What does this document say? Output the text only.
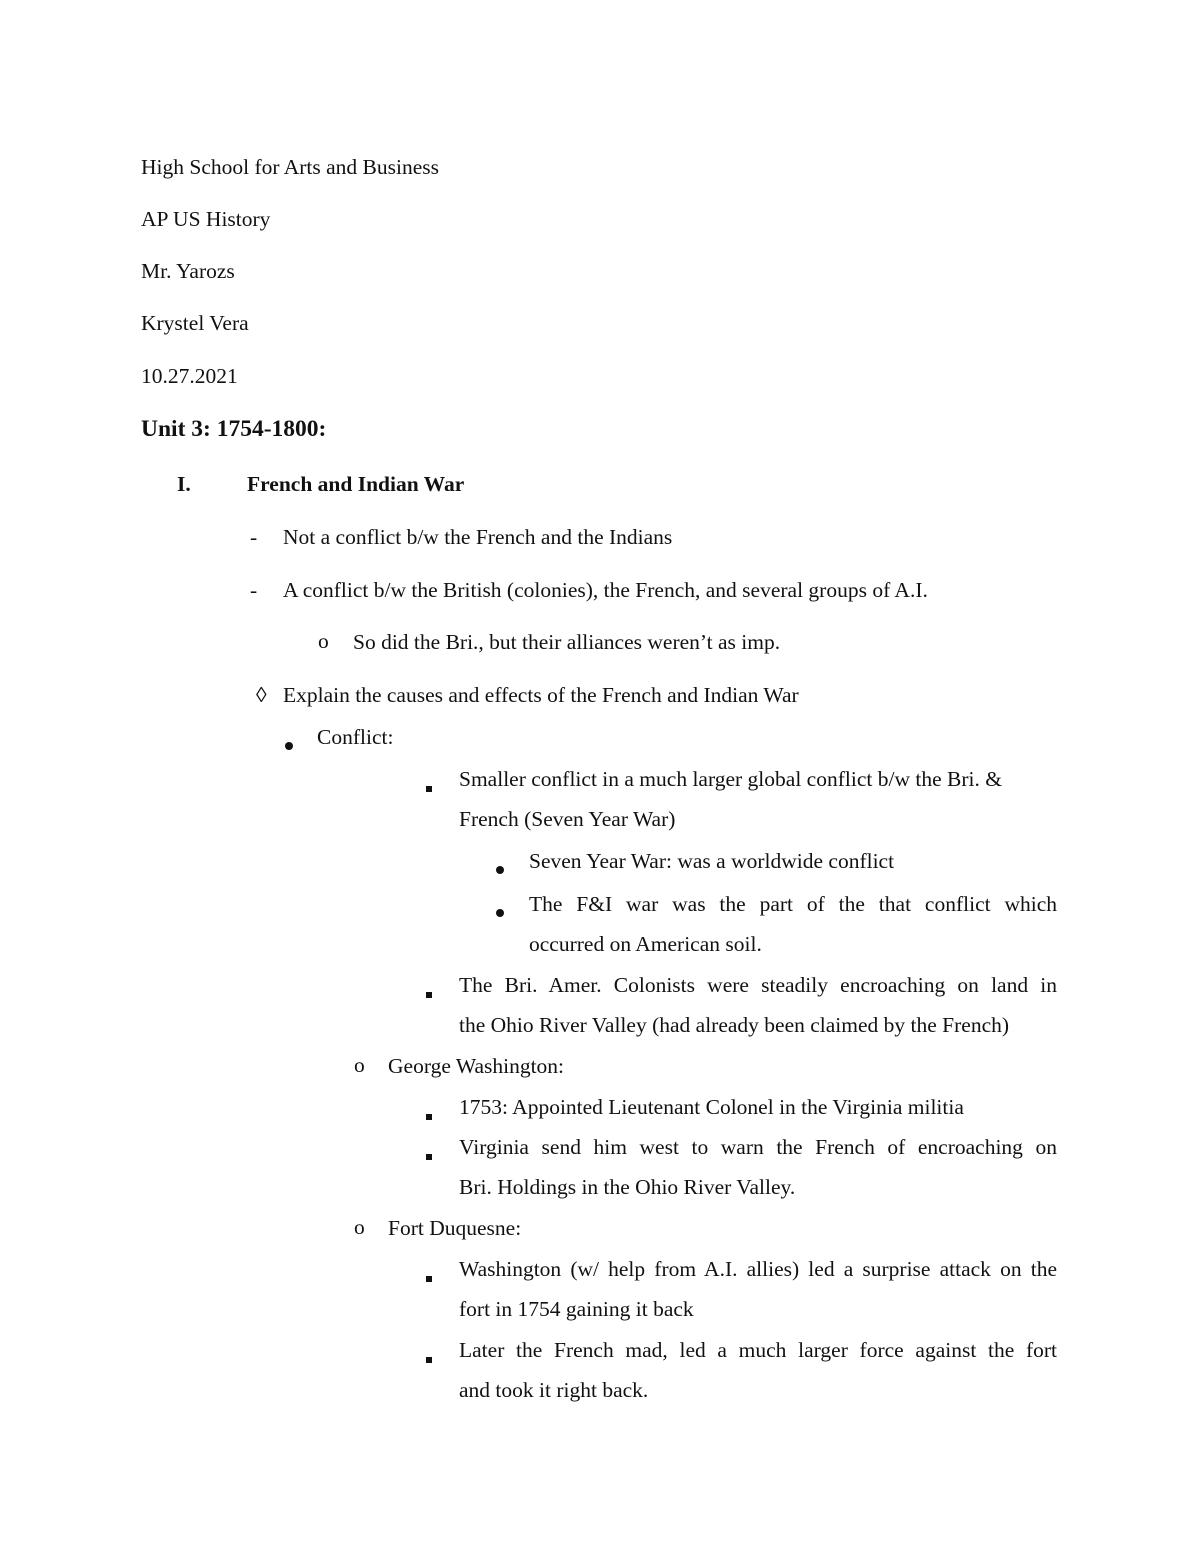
High School for Arts and Business
AP US History
Mr. Yarozs
Krystel Vera
10.27.2021
Unit 3: 1754-1800:
I.	French and Indian War
- Not a conflict b/w the French and the Indians
- A conflict b/w the British (colonies), the French, and several groups of A.I.
o So did the Bri., but their alliances weren’t as imp.
◊ Explain the causes and effects of the French and Indian War
Conflict:
Smaller conflict in a much larger global conflict b/w the Bri. &
French (Seven Year War)
Seven Year War: was a worldwide conflict
The F&I war was the part of the that conflict which
occurred on American soil.
The Bri. Amer. Colonists were steadily encroaching on land in
the Ohio River Valley (had already been claimed by the French)
o George Washington:
1753: Appointed Lieutenant Colonel in the Virginia militia
Virginia send him west to warn the French of encroaching on
Bri. Holdings in the Ohio River Valley.
o Fort Duquesne:
Washington (w/ help from A.I. allies) led a surprise attack on the
fort in 1754 gaining it back
Later the French mad, led a much larger force against the fort
and took it right back.
